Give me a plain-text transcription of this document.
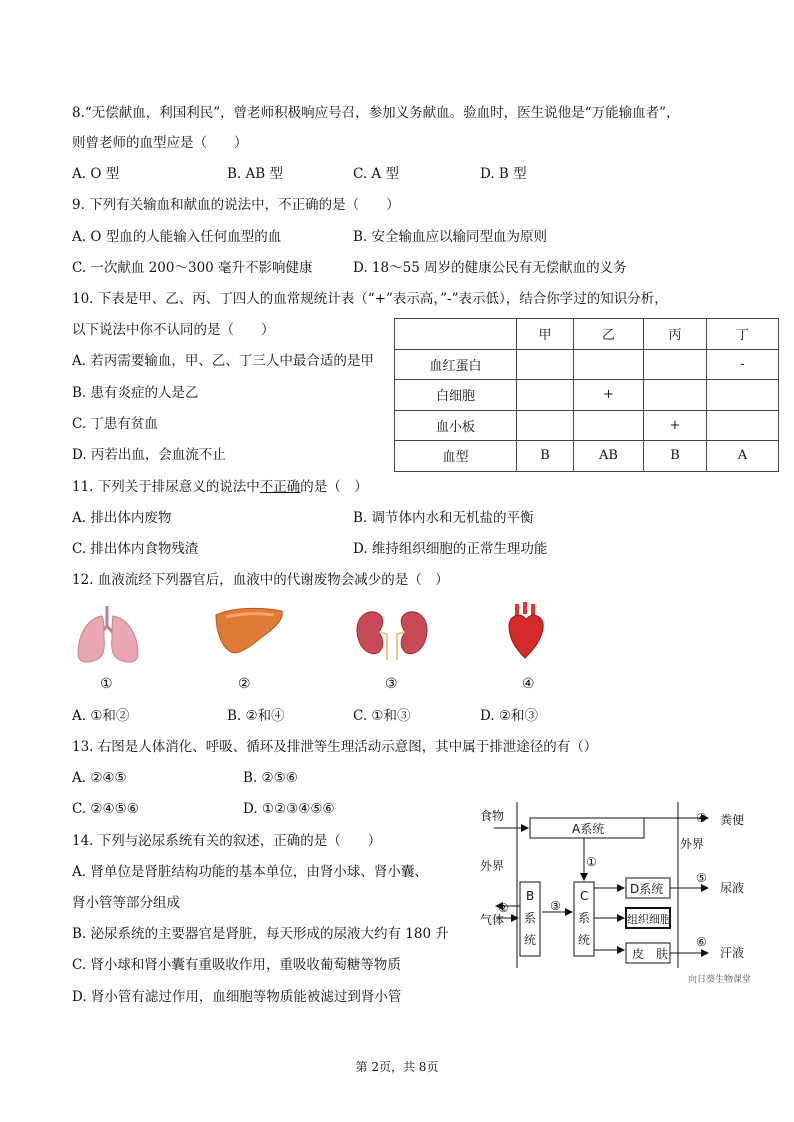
8.“无偿献血，利国利民”，曾老师积极响应号召，参加义务献血。验血时，医生说他是“万能输血者”，
则曾老师的血型应是（　　）
A. O 型	B. AB 型	C. A 型	D. B 型
9. 下列有关输血和献血的说法中，不正确的是（　　）
A. O 型血的人能输入任何血型的血	B. 安全输血应以输同型血为原则
C. 一次献血 200～300 毫升不影响健康	D. 18～55 周岁的健康公民有无偿献血的义务
10. 下表是甲、乙、丙、丁四人的血常规统计表（“+”表示高，”-”表示低），结合你学过的知识分析，
以下说法中你不认同的是（　　）
A. 若丙需要输血，甲、乙、丁三人中最合适的是甲
B. 患有炎症的人是乙
C. 丁患有贫血
D. 丙若出血，会血流不止
	甲	乙	丙	丁
血红蛋白				-
白细胞		+		
血小板			+	
血型	B	AB	B	A
11. 下列关于排尿意义的说法中不正确的是（　）
A. 排出体内废物	B. 调节体内水和无机盐的平衡
C. 排出体内食物残渣	D. 维持组织细胞的正常生理功能
12. 血液流经下列器官后，血液中的代谢废物会减少的是（　）
①	②	③	④
A. ①和②	B. ②和④	C. ①和③	D. ②和③
13. 右图是人体消化、呼吸、循环及排泄等生理活动示意图，其中属于排泄途径的有（）
A. ②④⑤	B. ②⑤⑥
C. ②④⑤⑥	D. ①②③④⑤⑥
14. 下列与泌尿系统有关的叙述，正确的是（　　）
A. 肾单位是肾脏结构功能的基本单位，由肾小球、肾小囊、
肾小管等部分组成
B. 泌尿系统的主要器官是肾脏，每天形成的尿液大约有 180 升
C. 肾小球和肾小囊有重吸收作用，重吸收葡萄糖等物质
D. 肾小管有滤过作用，血细胞等物质能被滤过到肾小管
食物
外界
气体
外界
A系统
B
系
统
C
系
统
D系统
组织细胞
皮　肤
①
②	③
④
⑤
⑥
粪便
尿液
汗液
向日葵生物课堂
第 2页，共 8页
